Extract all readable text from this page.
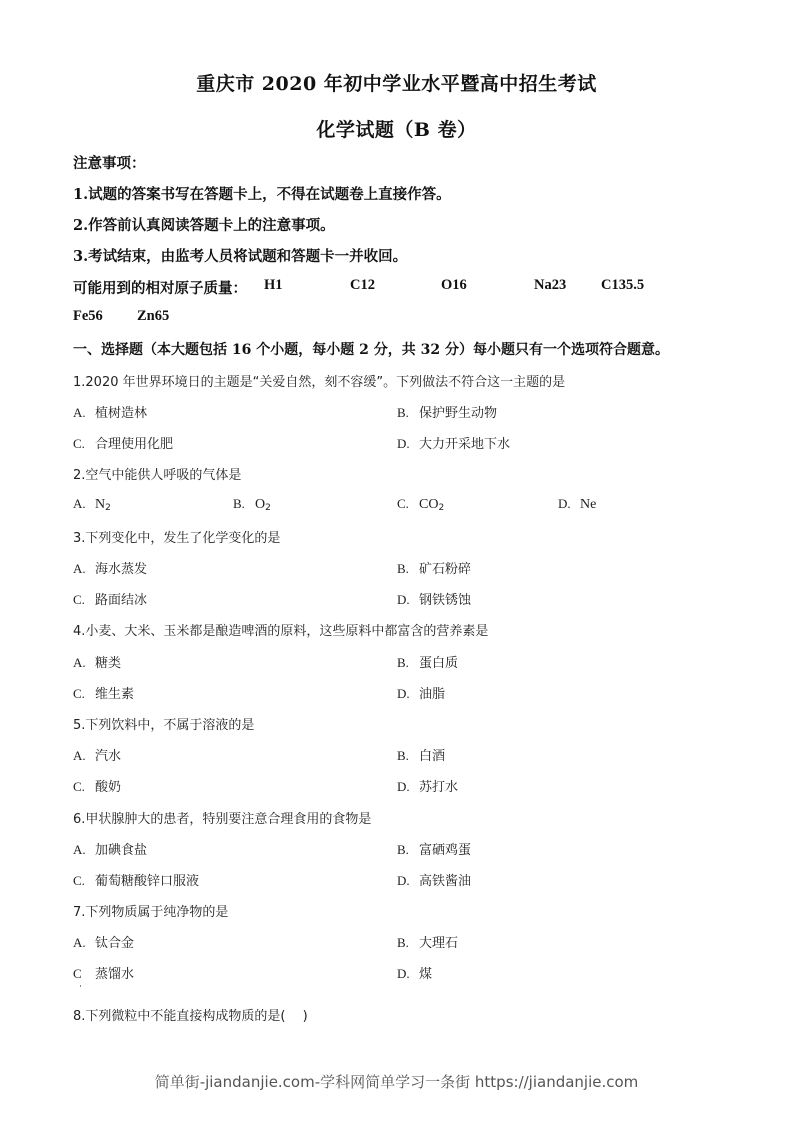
重庆市 2020 年初中学业水平暨高中招生考试
化学试题（B 卷）
注意事项：
1.试题的答案书写在答题卡上，不得在试题卷上直接作答。
2.作答前认真阅读答题卡上的注意事项。
3.考试结束，由监考人员将试题和答题卡一并收回。
可能用到的相对原子质量： H1	C12	O16	Na23 C135.5
Fe56 Zn65
一、选择题（本大题包括 16 个小题，每小题 2 分，共 32 分）每小题只有一个选项符合题意。
1.2020 年世界环境日的主题是“关爱自然，刻不容缓”。下列做法不符合这一主题的是
A. 植树造林	B. 保护野生动物
C. 合理使用化肥	D. 大力开采地下水
2.空气中能供人呼吸的气体是
A. $N_2$	B. $O_2$	C. $CO_2$	D. Ne
3.下列变化中，发生了化学变化的是
A. 海水蒸发	B. 矿石粉碎
C. 路面结冰	D. 钢铁锈蚀
4.小麦、大米、玉米都是酿造啤酒的原料，这些原料中都富含的营养素是
A. 糖类	B. 蛋白质
C. 维生素	D. 油脂
5.下列饮料中，不属于溶液的是
A. 汽水	B. 白酒
C. 酸奶	D. 苏打水
6.甲状腺肿大的患者，特别要注意合理食用的食物是
A. 加碘食盐	B. 富硒鸡蛋
C. 葡萄糖酸锌口服液	D. 高铁酱油
7.下列物质属于纯净物的是
A. 钛合金	B. 大理石
C 蒸馏水	D. 煤
8.下列微粒中不能直接构成物质的是(　 )
简单街-jiandanjie.com-学科网简单学习一条街 https://jiandanjie.com
